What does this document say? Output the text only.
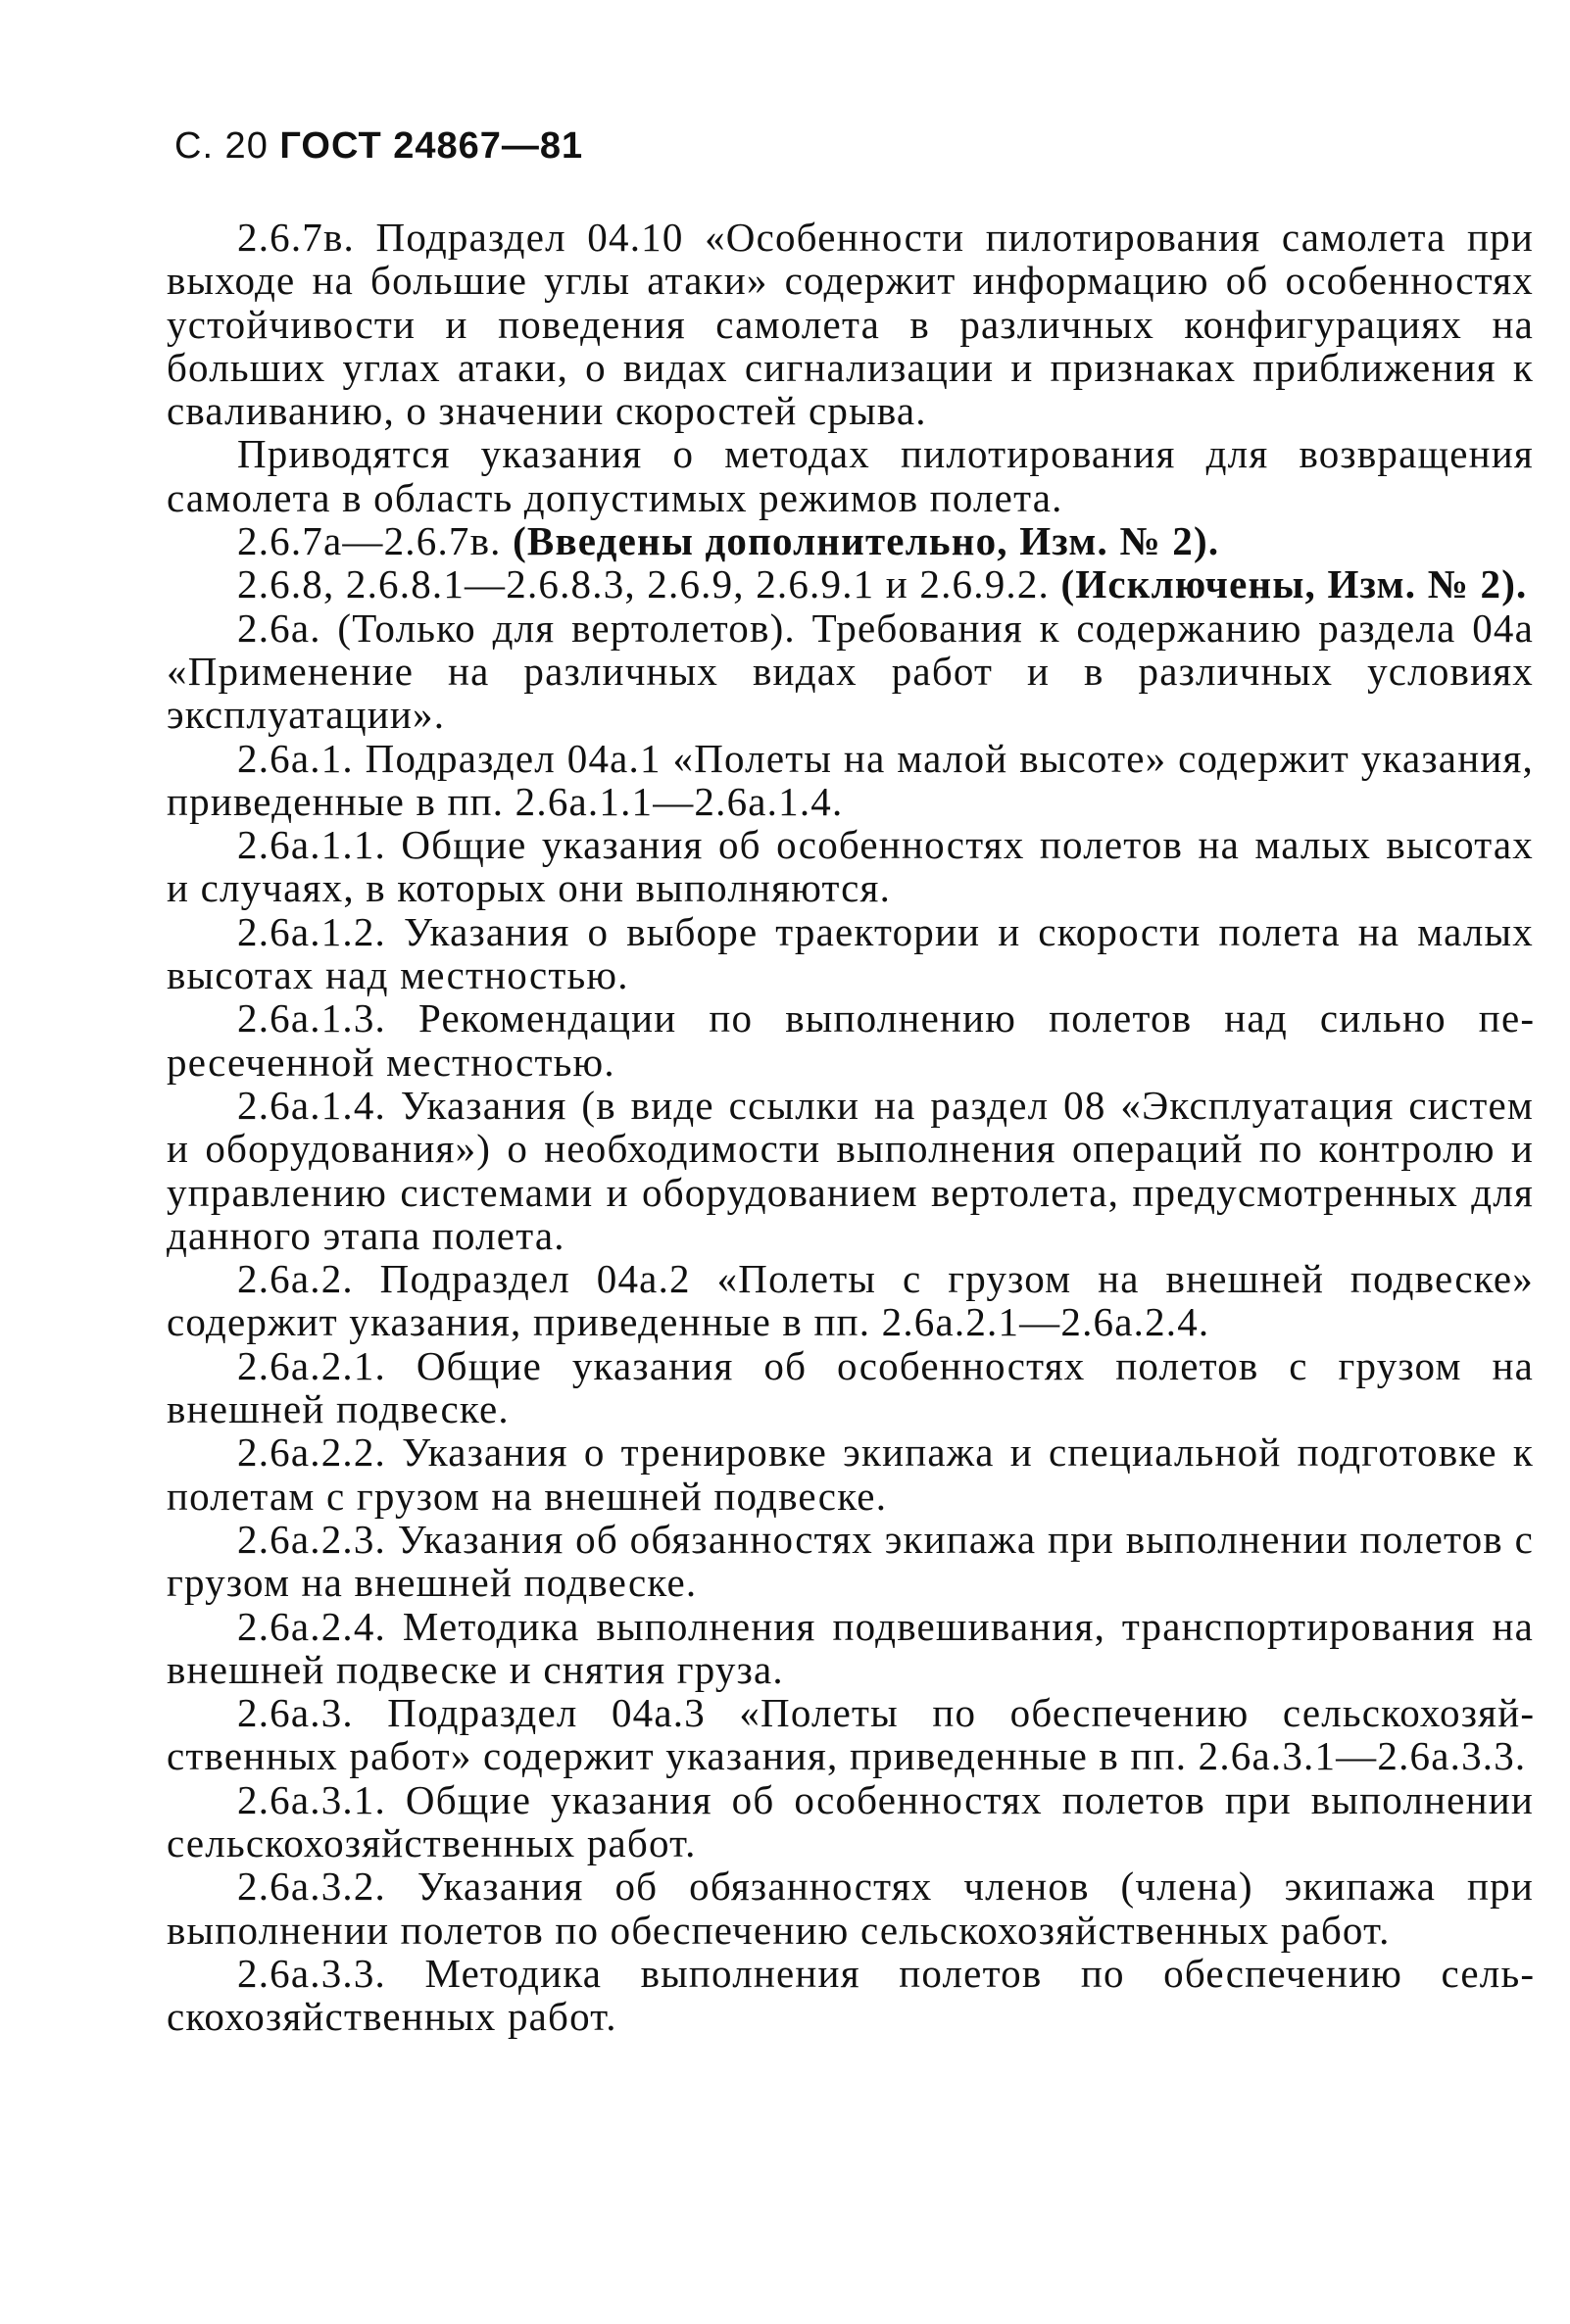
С. 20 ГОСТ 24867—81

2.6.7в. Подраздел 04.10 «Особенности пилотирования самолета при выходе на большие углы атаки» содержит информацию об особенностях устойчивости и поведения самолета в различных конфигурациях на больших углах атаки, о видах сигнализации и признаках приближения к сваливанию, о значении скоростей срыва.

Приводятся указания о методах пилотирования для возвращения самолета в область допустимых режимов полета.

2.6.7а—2.6.7в. (Введены дополнительно, Изм. № 2).

2.6.8, 2.6.8.1—2.6.8.3, 2.6.9, 2.6.9.1 и 2.6.9.2. (Исключены, Изм. № 2).

2.6а. (Только для вертолетов). Требования к содержанию раздела 04а «Применение на различных видах работ и в различных условиях эксплуатации».

2.6а.1. Подраздел 04а.1 «Полеты на малой высоте» содержит указания, приведенные в пп. 2.6а.1.1—2.6а.1.4.

2.6а.1.1. Общие указания об особенностях полетов на малых высотах и случаях, в которых они выполняются.

2.6а.1.2. Указания о выборе траектории и скорости полета на малых высотах над местностью.

2.6а.1.3. Рекомендации по выполнению полетов над сильно пересеченной местностью.

2.6а.1.4. Указания (в виде ссылки на раздел 08 «Эксплуатация систем и оборудования») о необходимости выполнения операций по контролю и управлению системами и оборудованием вертолета, предусмотренных для данного этапа полета.

2.6а.2. Подраздел 04а.2 «Полеты с грузом на внешней подвеске» содержит указания, приведенные в пп. 2.6а.2.1—2.6а.2.4.

2.6а.2.1. Общие указания об особенностях полетов с грузом на внешней подвеске.

2.6а.2.2. Указания о тренировке экипажа и специальной подготовке к полетам с грузом на внешней подвеске.

2.6а.2.3. Указания об обязанностях экипажа при выполнении полетов с грузом на внешней подвеске.

2.6а.2.4. Методика выполнения подвешивания, транспортирования на внешней подвеске и снятия груза.

2.6а.3. Подраздел 04а.3 «Полеты по обеспечению сельскохозяйственных работ» содержит указания, приведенные в пп. 2.6а.3.1—2.6а.3.3.

2.6а.3.1. Общие указания об особенностях полетов при выполнении сельскохозяйственных работ.

2.6а.3.2. Указания об обязанностях членов (члена) экипажа при выполнении полетов по обеспечению сельскохозяйственных работ.

2.6а.3.3. Методика выполнения полетов по обеспечению сельскохозяйственных работ.
